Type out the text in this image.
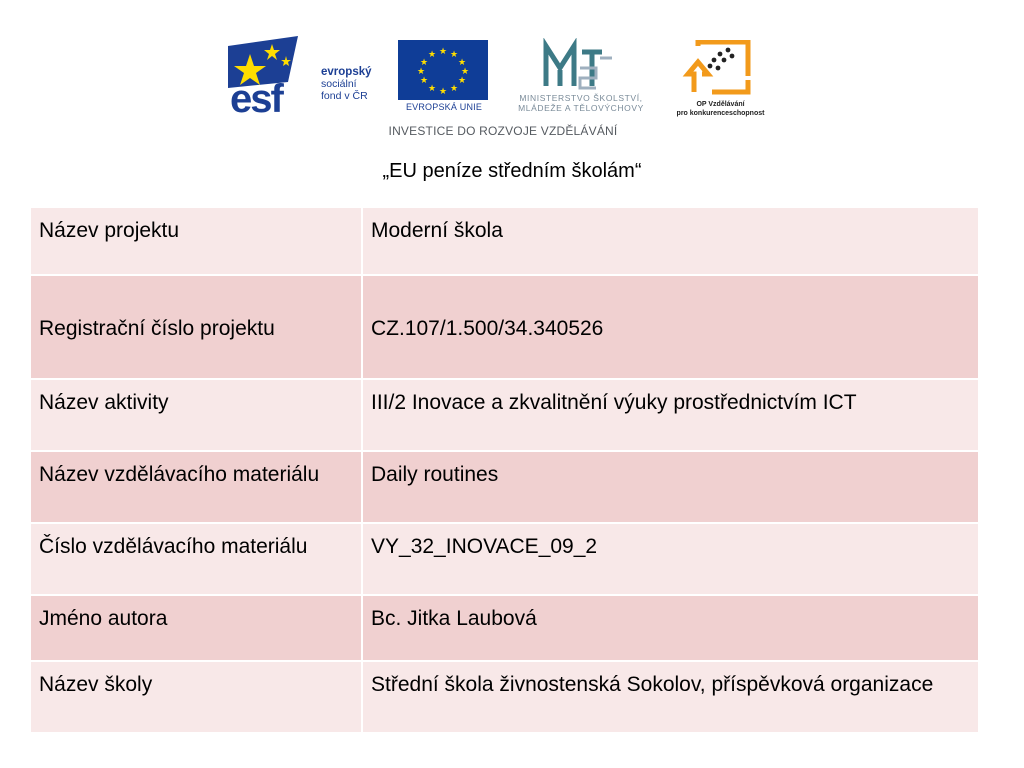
esf
evropský
sociální
fond v ČR
★ ★
★
★
★
★
★
★
★
★
★
★
EVROPSKÁ UNIE
MINISTERSTVO ŠKOLSTVÍ,
MLÁDEŽE A TĚLOVÝCHOVY	OP Vzdělávání
pro konkurenceschopnost
INVESTICE DO ROZVOJE VZDĚLÁVÁNÍ
„EU peníze středním školám“
Název projektu	Moderní škola
Registrační číslo projektu	CZ.107/1.500/34.340526
Název aktivity	III/2 Inovace a zkvalitnění výuky prostřednictvím ICT
Název vzdělávacího materiálu	Daily routines
Číslo vzdělávacího materiálu	VY_32_INOVACE_09_2
Jméno autora	Bc. Jitka Laubová
Název školy	Střední škola živnostenská Sokolov, příspěvková organizace
